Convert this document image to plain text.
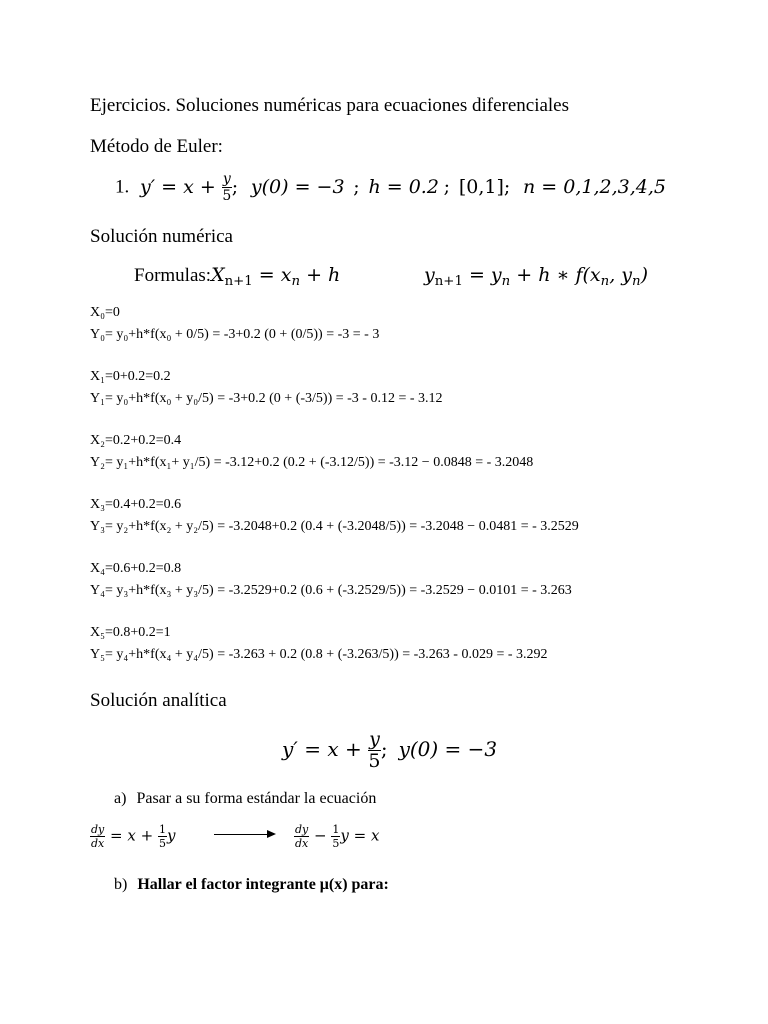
Ejercicios. Soluciones numéricas para ecuaciones diferenciales
Método de Euler:
1.  $y' = x + \frac{y}{5}$ ; y(0) = −3 ; h = 0.2 ; [0,1]; n = 0,1,2,3,4,5
Solución numérica
$Formulas:X_{n+1} = x_n + h$	$y_{n+1} = y_n + h$ ∗ $f(x_n$, $y_n$)
X₀=0
Y₀= y₀+h*f(x₀ + 0/5) = -3+0.2 (0 + (0/5)) = -3 = - 3
X₁=0+0.2=0.2
Y₁= y₀+h*f(x₀ + y₀/5) = -3+0.2 (0 + (-3/5)) = -3 - 0.12 = - 3.12
X₂=0.2+0.2=0.4
Y₂= y₁+h*f(x₁+ y₁/5) = -3.12+0.2 (0.2 + (-3.12/5)) = -3.12 − 0.0848 = - 3.2048
X₃=0.4+0.2=0.6
Y₃= y₂+h*f(x₂ + y₂/5) = -3.2048+0.2 (0.4 + (-3.2048/5)) = -3.2048 − 0.0481 = - 3.2529
X₄=0.6+0.2=0.8
Y₄= y₃+h*f(x₃ + y₃/5) = -3.2529+0.2 (0.6 + (-3.2529/5)) = -3.2529 − 0.0101 = - 3.263
X₅=0.8+0.2=1
Y₅= y₄+h*f(x₄ + y₄/5) = -3.263 + 0.2 (0.8 + (-3.263/5)) = -3.263 - 0.029 = - 3.292
Solución analítica
$y' = x + \frac{y}{5}$ ; y(0) = −3
a) Pasar a su forma estándar la ecuación
$\frac{dy}{dx} = x + \frac{1}{5}$ y	$\frac{dy}{dx} - \frac{1}{5}$ y = x
b) Hallar el factor integrante μ(x) para:
